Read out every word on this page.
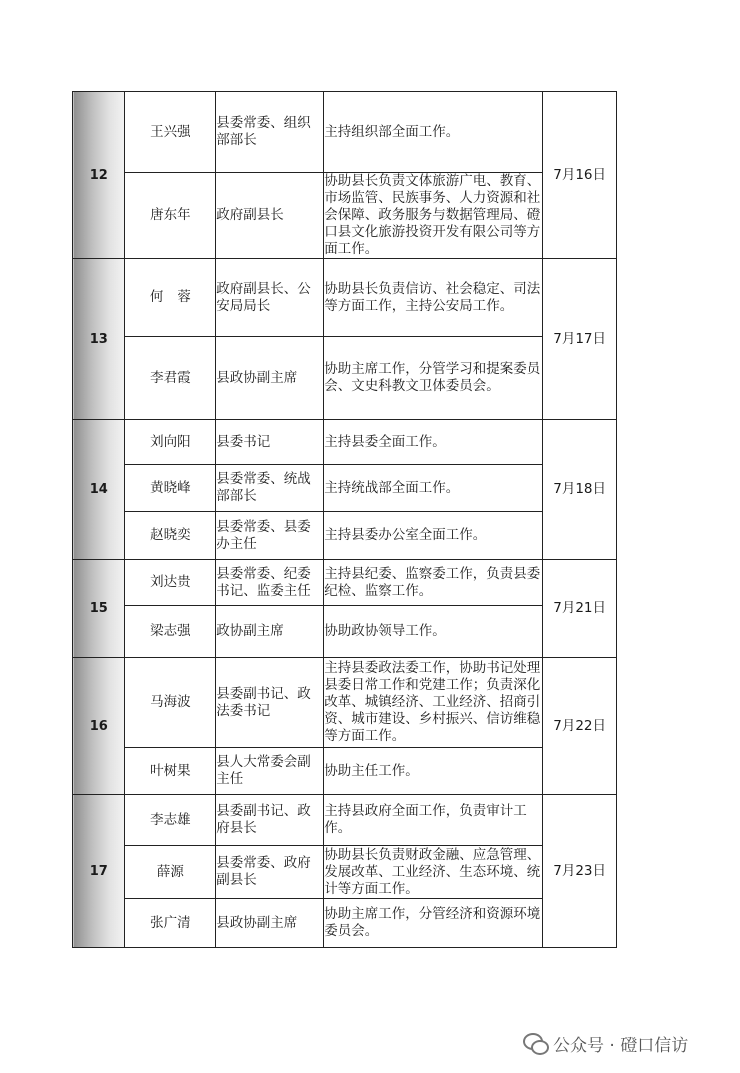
12	王兴强	县委常委、组织部部长	主持组织部全面工作。	7月16日
	唐东年	政府副县长	协助县长负责文体旅游广电、教育、市场监管、民族事务、人力资源和社会保障、政务服务与数据管理局、磴口县文化旅游投资开发有限公司等方面工作。	
13	何蓉	政府副县长、公安局局长	协助县长负责信访、社会稳定、司法等方面工作，主持公安局工作。	7月17日
	李君霞	县政协副主席	协助主席工作，分管学习和提案委员会、文史科教文卫体委员会。	
14	刘向阳	县委书记	主持县委全面工作。	7月18日
	黄晓峰	县委常委、统战部部长	主持统战部全面工作。	
	赵晓奕	县委常委、县委办主任	主持县委办公室全面工作。	
15	刘达贵	县委常委、纪委书记、监委主任	主持县纪委、监察委工作，负责县委纪检、监察工作。	7月21日
	梁志强	政协副主席	协助政协领导工作。	
16	马海波	县委副书记、政法委书记	主持县委政法委工作，协助书记处理县委日常工作和党建工作；负责深化改革、城镇经济、工业经济、招商引资、城市建设、乡村振兴、信访维稳等方面工作。	7月22日
	叶树果	县人大常委会副主任	协助主任工作。	
17	李志雄	县委副书记、政府县长	主持县政府全面工作，负责审计工作。	7月23日
	薛源	县委常委、政府副县长	协助县长负责财政金融、应急管理、发展改革、工业经济、生态环境、统计等方面工作。	
	张广清	县政协副主席	协助主席工作，分管经济和资源环境委员会。	
公众号 · 磴口信访
